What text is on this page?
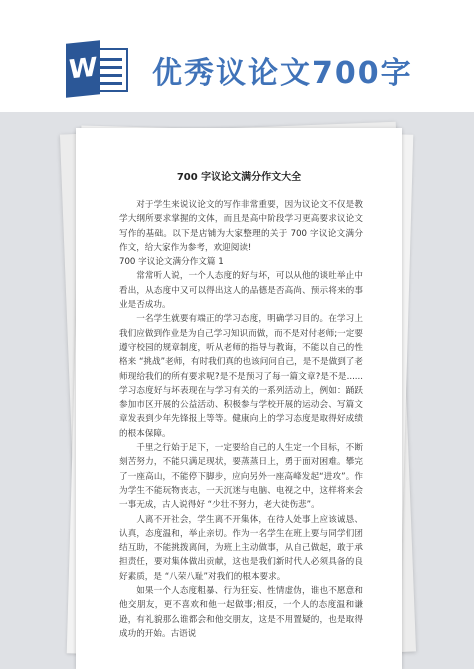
W 优秀议论文700字
700 字议论文满分作文大全

对于学生来说议论文的写作非常重要，因为议论文不仅是教学大纲所要求掌握的文体，而且是高中阶段学习更高要求议论文写作的基础。以下是店铺为大家整理的关于 700 字议论文满分作文，给大家作为参考，欢迎阅读!

700 字议论文满分作文篇 1

常常听人说，一个人态度的好与坏，可以从他的谈吐举止中看出，从态度中又可以得出这人的品德是否高尚、预示将来的事业是否成功。

一名学生就要有端正的学习态度，明确学习目的。在学习上我们应做到作业是为自己学习知识而做，而不是对付老师;一定要遵守校园的规章制度，听从老师的指导与教诲，不能以自己的性格来 “挑战”老师，有时我们真的也该问问自己，是不是做到了老师现给我们的所有要求呢?是不是预习了每一篇文章?是不是......学习态度好与坏表现在与学习有关的一系列活动上，例如：踊跃参加市区开展的公益活动、积极参与学校开展的运动会、写篇文章发表到少年先锋报上等等。健康向上的学习态度是取得好成绩的根本保障。

千里之行始于足下，一定要给自己的人生定一个目标，不断刻苦努力，不能只满足现状，要蒸蒸日上，勇于面对困难。攀完了一座高山，不能停下脚步，应向另外一座高峰发起“进攻”。作为学生不能玩物丧志，一天沉迷与电脑、电视之中，这样将来会一事无成，古人说得好 “少壮不努力，老大徒伤悲”。

人离不开社会，学生离不开集体，在待人处事上应该诚恳、认真，态度温和，举止亲切。作为一名学生在班上要与同学们团结互助，不能挑拨离间，为班上主动做事，从自己做起，敢于承担责任，要对集体做出贡献，这也是我们新时代人必须具备的良好素质，是 “八荣八耻”对我们的根本要求。

如果一个人态度粗暴、行为狂妄、性情虚伪，谁也不愿意和他交朋友，更不喜欢和他一起做事;相反，一个人的态度温和谦逊，有礼貌那么谁都会和他交朋友，这是不用置疑的，也是取得成功的开始。古语说
